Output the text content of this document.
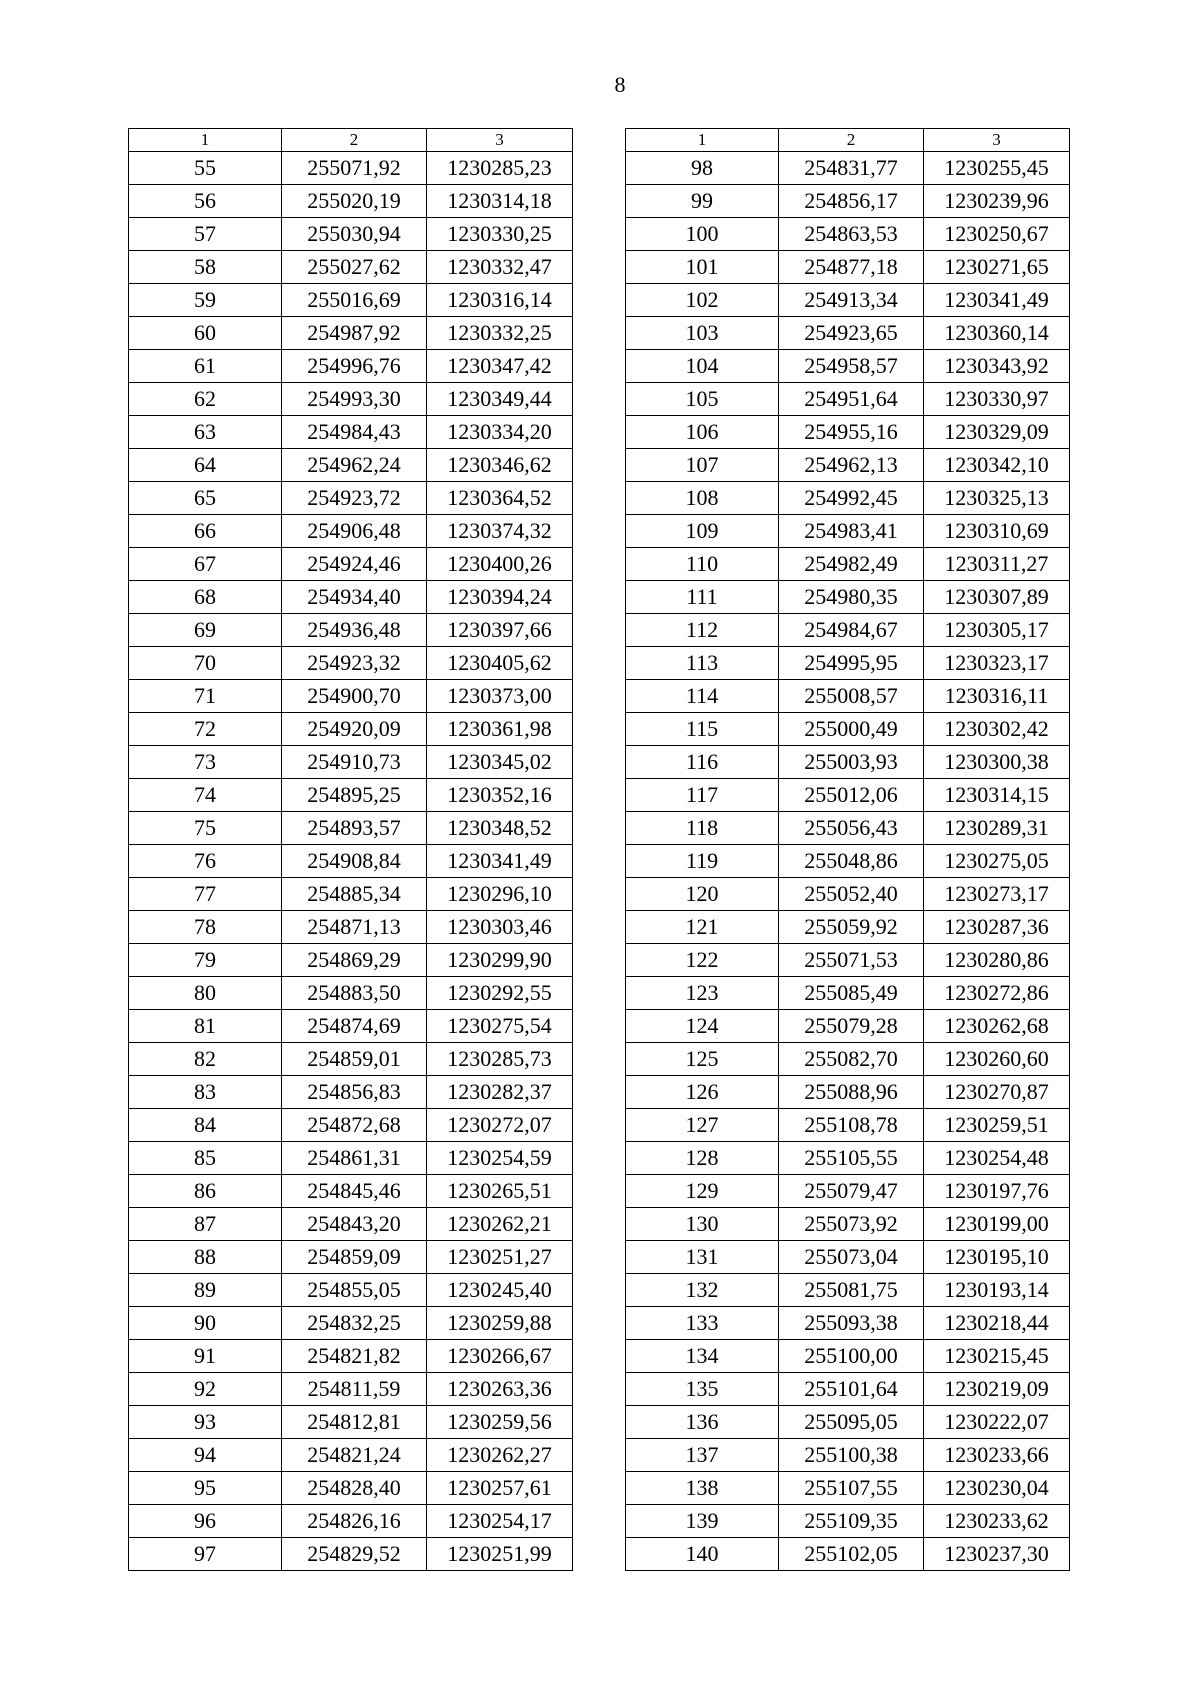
8
1	2	3
55	255071,92	1230285,23
56	255020,19	1230314,18
57	255030,94	1230330,25
58	255027,62	1230332,47
59	255016,69	1230316,14
60	254987,92	1230332,25
61	254996,76	1230347,42
62	254993,30	1230349,44
63	254984,43	1230334,20
64	254962,24	1230346,62
65	254923,72	1230364,52
66	254906,48	1230374,32
67	254924,46	1230400,26
68	254934,40	1230394,24
69	254936,48	1230397,66
70	254923,32	1230405,62
71	254900,70	1230373,00
72	254920,09	1230361,98
73	254910,73	1230345,02
74	254895,25	1230352,16
75	254893,57	1230348,52
76	254908,84	1230341,49
77	254885,34	1230296,10
78	254871,13	1230303,46
79	254869,29	1230299,90
80	254883,50	1230292,55
81	254874,69	1230275,54
82	254859,01	1230285,73
83	254856,83	1230282,37
84	254872,68	1230272,07
85	254861,31	1230254,59
86	254845,46	1230265,51
87	254843,20	1230262,21
88	254859,09	1230251,27
89	254855,05	1230245,40
90	254832,25	1230259,88
91	254821,82	1230266,67
92	254811,59	1230263,36
93	254812,81	1230259,56
94	254821,24	1230262,27
95	254828,40	1230257,61
96	254826,16	1230254,17
97	254829,52	1230251,99
1	2	3
98	254831,77	1230255,45
99	254856,17	1230239,96
100	254863,53	1230250,67
101	254877,18	1230271,65
102	254913,34	1230341,49
103	254923,65	1230360,14
104	254958,57	1230343,92
105	254951,64	1230330,97
106	254955,16	1230329,09
107	254962,13	1230342,10
108	254992,45	1230325,13
109	254983,41	1230310,69
110	254982,49	1230311,27
111	254980,35	1230307,89
112	254984,67	1230305,17
113	254995,95	1230323,17
114	255008,57	1230316,11
115	255000,49	1230302,42
116	255003,93	1230300,38
117	255012,06	1230314,15
118	255056,43	1230289,31
119	255048,86	1230275,05
120	255052,40	1230273,17
121	255059,92	1230287,36
122	255071,53	1230280,86
123	255085,49	1230272,86
124	255079,28	1230262,68
125	255082,70	1230260,60
126	255088,96	1230270,87
127	255108,78	1230259,51
128	255105,55	1230254,48
129	255079,47	1230197,76
130	255073,92	1230199,00
131	255073,04	1230195,10
132	255081,75	1230193,14
133	255093,38	1230218,44
134	255100,00	1230215,45
135	255101,64	1230219,09
136	255095,05	1230222,07
137	255100,38	1230233,66
138	255107,55	1230230,04
139	255109,35	1230233,62
140	255102,05	1230237,30
